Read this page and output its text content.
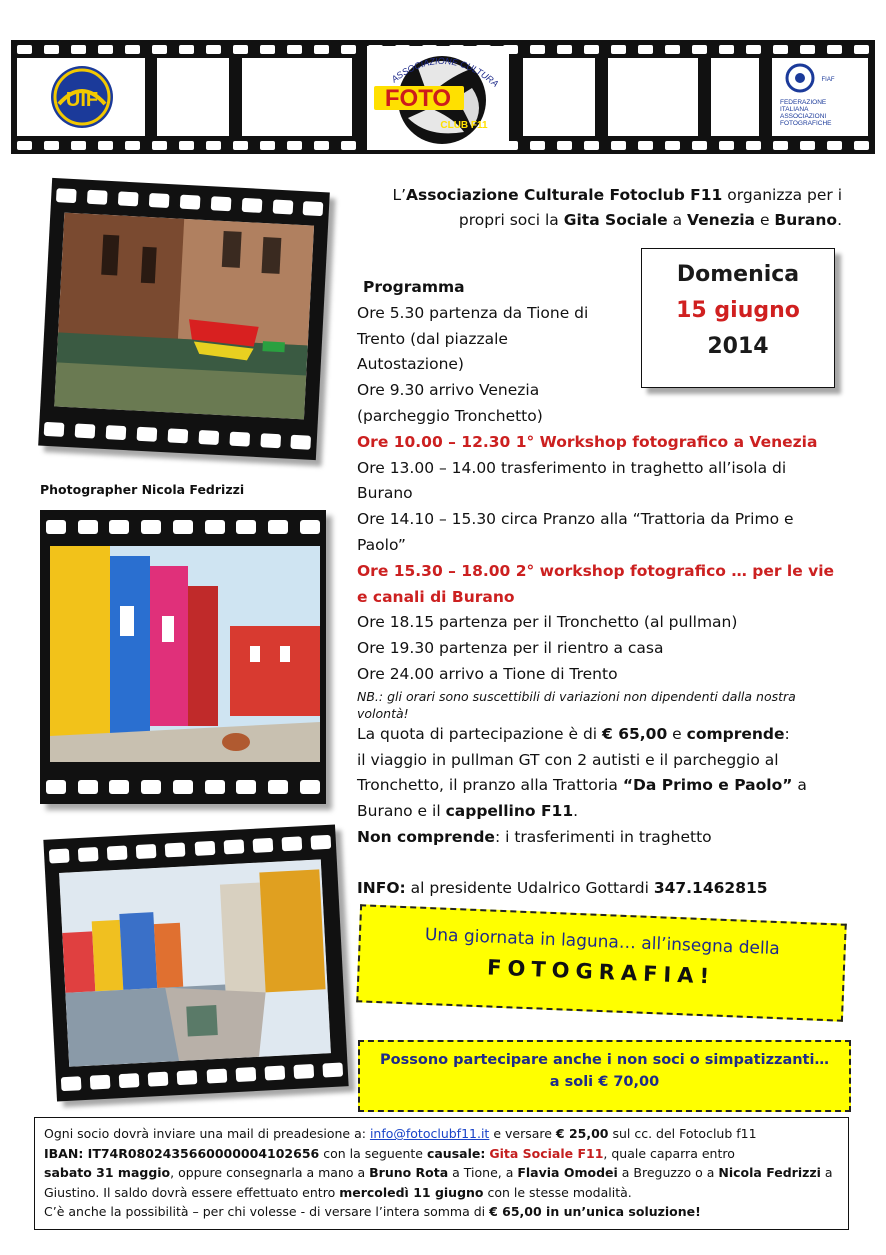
UIF
ASSOCIAZIONE CULTURA
FOTO
CLUB F11
FIAF
FEDERAZIONE
ITALIANA
ASSOCIAZIONI
FOTOGRAFICHE
Photographer Nicola Fedrizzi
L’Associazione Culturale Fotoclub F11 organizza per i
propri soci la Gita Sociale a Venezia e Burano.
Domenica
15 giugno
2014
Programma
Ore 5.30 partenza da Tione di
Trento (dal piazzale
Autostazione)
Ore 9.30 arrivo Venezia
(parcheggio Tronchetto)
Ore 10.00 – 12.30 1° Workshop fotografico a Venezia
Ore 13.00 – 14.00 trasferimento in traghetto all’isola di
Burano
Ore 14.10 – 15.30 circa Pranzo alla “Trattoria da Primo e
Paolo”
Ore 15.30 – 18.00 2° workshop fotografico … per le vie
e canali di Burano
Ore 18.15 partenza per il Tronchetto (al pullman)
Ore 19.30 partenza per il rientro a casa
Ore 24.00 arrivo a Tione di Trento
NB.: gli orari sono suscettibili di variazioni non dipendenti dalla nostra
volontà!
La quota di partecipazione è di € 65,00 e comprende:
il viaggio in pullman GT con 2 autisti e il parcheggio al
Tronchetto, il pranzo alla Trattoria “Da Primo e Paolo” a
Burano e il cappellino F11.
Non comprende: i trasferimenti in traghetto
INFO: al presidente Udalrico Gottardi 347.1462815
Una giornata in laguna… all’insegna della
FOTOGRAFIA!
Possono partecipare anche i non soci o simpatizzanti…
a soli € 70,00
Ogni socio dovrà inviare una mail di preadesione a: info@fotoclubf11.it e versare € 25,00 sul cc. del Fotoclub f11
IBAN: IT74R0802435660000004102656 con la seguente causale: Gita Sociale F11, quale caparra entro
sabato 31 maggio, oppure consegnarla a mano a Bruno Rota a Tione, a Flavia Omodei a Breguzzo o a Nicola Fedrizzi a
Giustino. Il saldo dovrà essere effettuato entro mercoledì 11 giugno con le stesse modalità.
C’è anche la possibilità – per chi volesse - di versare l’intera somma di € 65,00 in un’unica soluzione!
